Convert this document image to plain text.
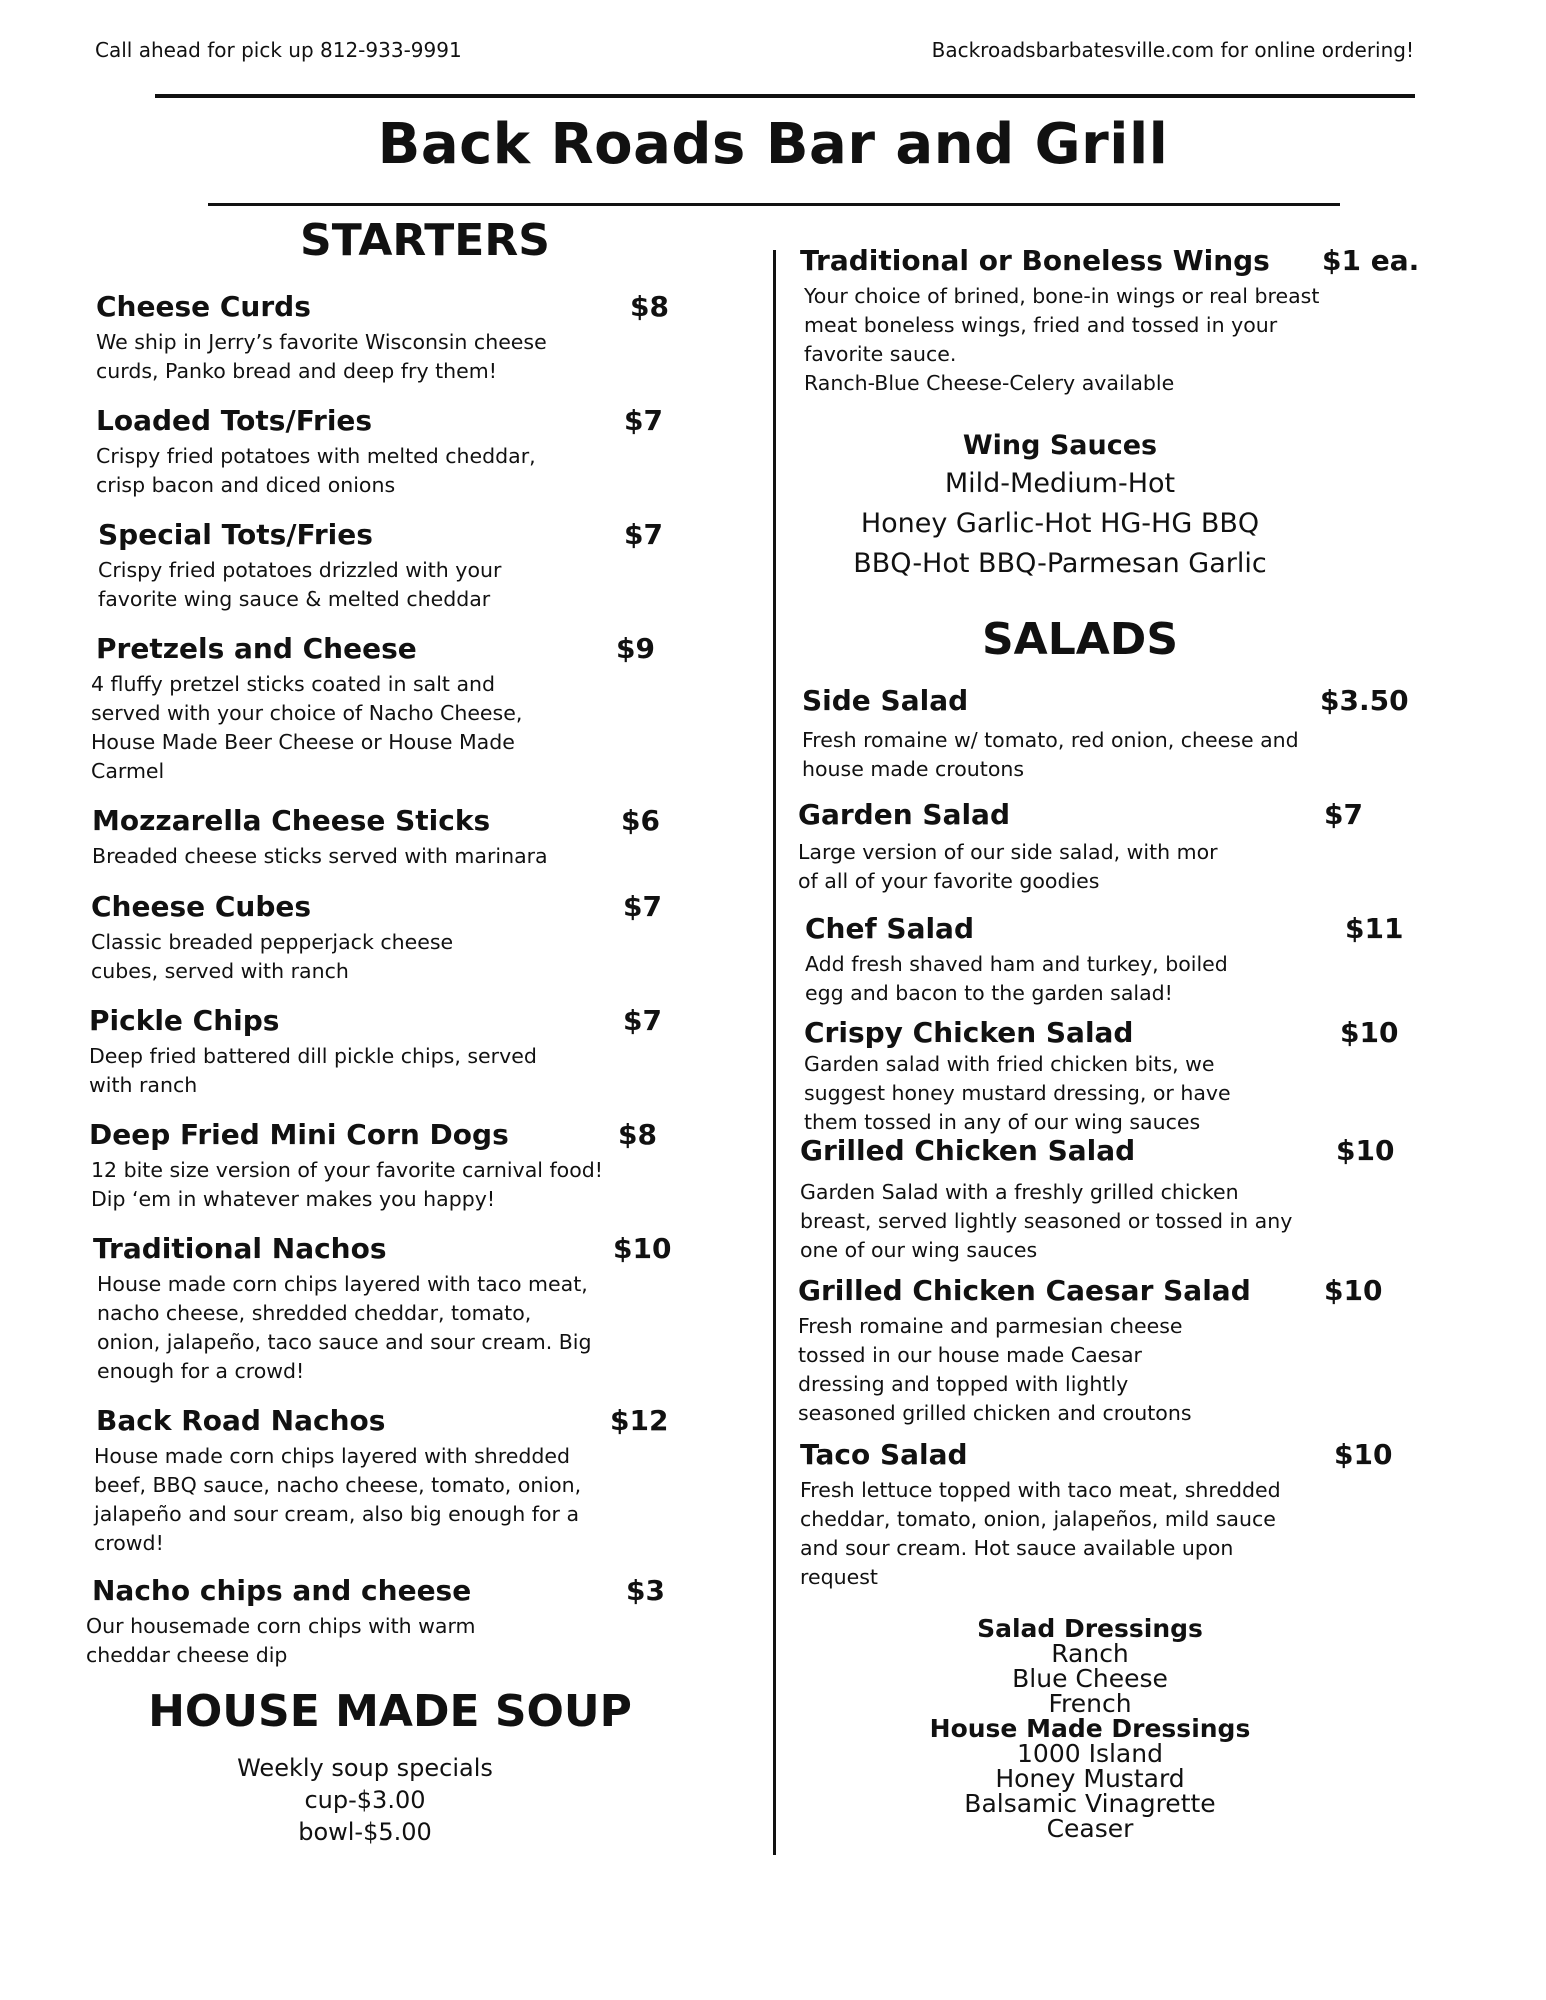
Call ahead for pick up 812-933-9991	Backroadsbarbatesville.com for online ordering!
Back Roads Bar and Grill
STARTERS
Cheese Curds	$8
We ship in Jerry’s favorite Wisconsin cheese curds, Panko bread and deep fry them!
Loaded Tots/Fries	$7
Crispy fried potatoes with melted cheddar, crisp bacon and diced onions
Special Tots/Fries	$7
Crispy fried potatoes drizzled with your favorite wing sauce & melted cheddar
Pretzels and Cheese	$9
4 fluffy pretzel sticks coated in salt and served with your choice of Nacho Cheese, House Made Beer Cheese or House Made Carmel
Mozzarella Cheese Sticks	$6
Breaded cheese sticks served with marinara
Cheese Cubes	$7
Classic breaded pepperjack cheese cubes, served with ranch
Pickle Chips	$7
Deep fried battered dill pickle chips, served with ranch
Deep Fried Mini Corn Dogs	$8
12 bite size version of your favorite carnival food! Dip ‘em in whatever makes you happy!
Traditional Nachos	$10
House made corn chips layered with taco meat, nacho cheese, shredded cheddar, tomato, onion, jalapeño, taco sauce and sour cream. Big enough for a crowd!
Back Road Nachos	$12
House made corn chips layered with shredded beef, BBQ sauce, nacho cheese, tomato, onion, jalapeño and sour cream, also big enough for a crowd!
Nacho chips and cheese	$3
Our housemade corn chips with warm cheddar cheese dip
HOUSE MADE SOUP
Weekly soup specials
cup-$3.00
bowl-$5.00
Traditional or Boneless Wings $1 ea.
Your choice of brined, bone-in wings or real breast meat boneless wings, fried and tossed in your favorite sauce.
Ranch-Blue Cheese-Celery available
Wing Sauces
Mild-Medium-Hot
Honey Garlic-Hot HG-HG BBQ
BBQ-Hot BBQ-Parmesan Garlic
SALADS
Side Salad	$3.50
Fresh romaine w/ tomato, red onion, cheese and house made croutons
Garden Salad	$7
Large version of our side salad, with mor of all of your favorite goodies
Chef Salad	$11
Add fresh shaved ham and turkey, boiled egg and bacon to the garden salad!
Crispy Chicken Salad	$10
Garden salad with fried chicken bits, we suggest honey mustard dressing, or have them tossed in any of our wing sauces
Grilled Chicken Salad	$10
Garden Salad with a freshly grilled chicken breast, served lightly seasoned or tossed in any one of our wing sauces
Grilled Chicken Caesar Salad	$10
Fresh romaine and parmesian cheese tossed in our house made Caesar dressing and topped with lightly seasoned grilled chicken and croutons
Taco Salad	$10
Fresh lettuce topped with taco meat, shredded cheddar, tomato, onion, jalapeños, mild sauce and sour cream. Hot sauce available upon request
Salad Dressings
Ranch
Blue Cheese
French
House Made Dressings
1000 Island
Honey Mustard
Balsamic Vinagrette
Ceaser
